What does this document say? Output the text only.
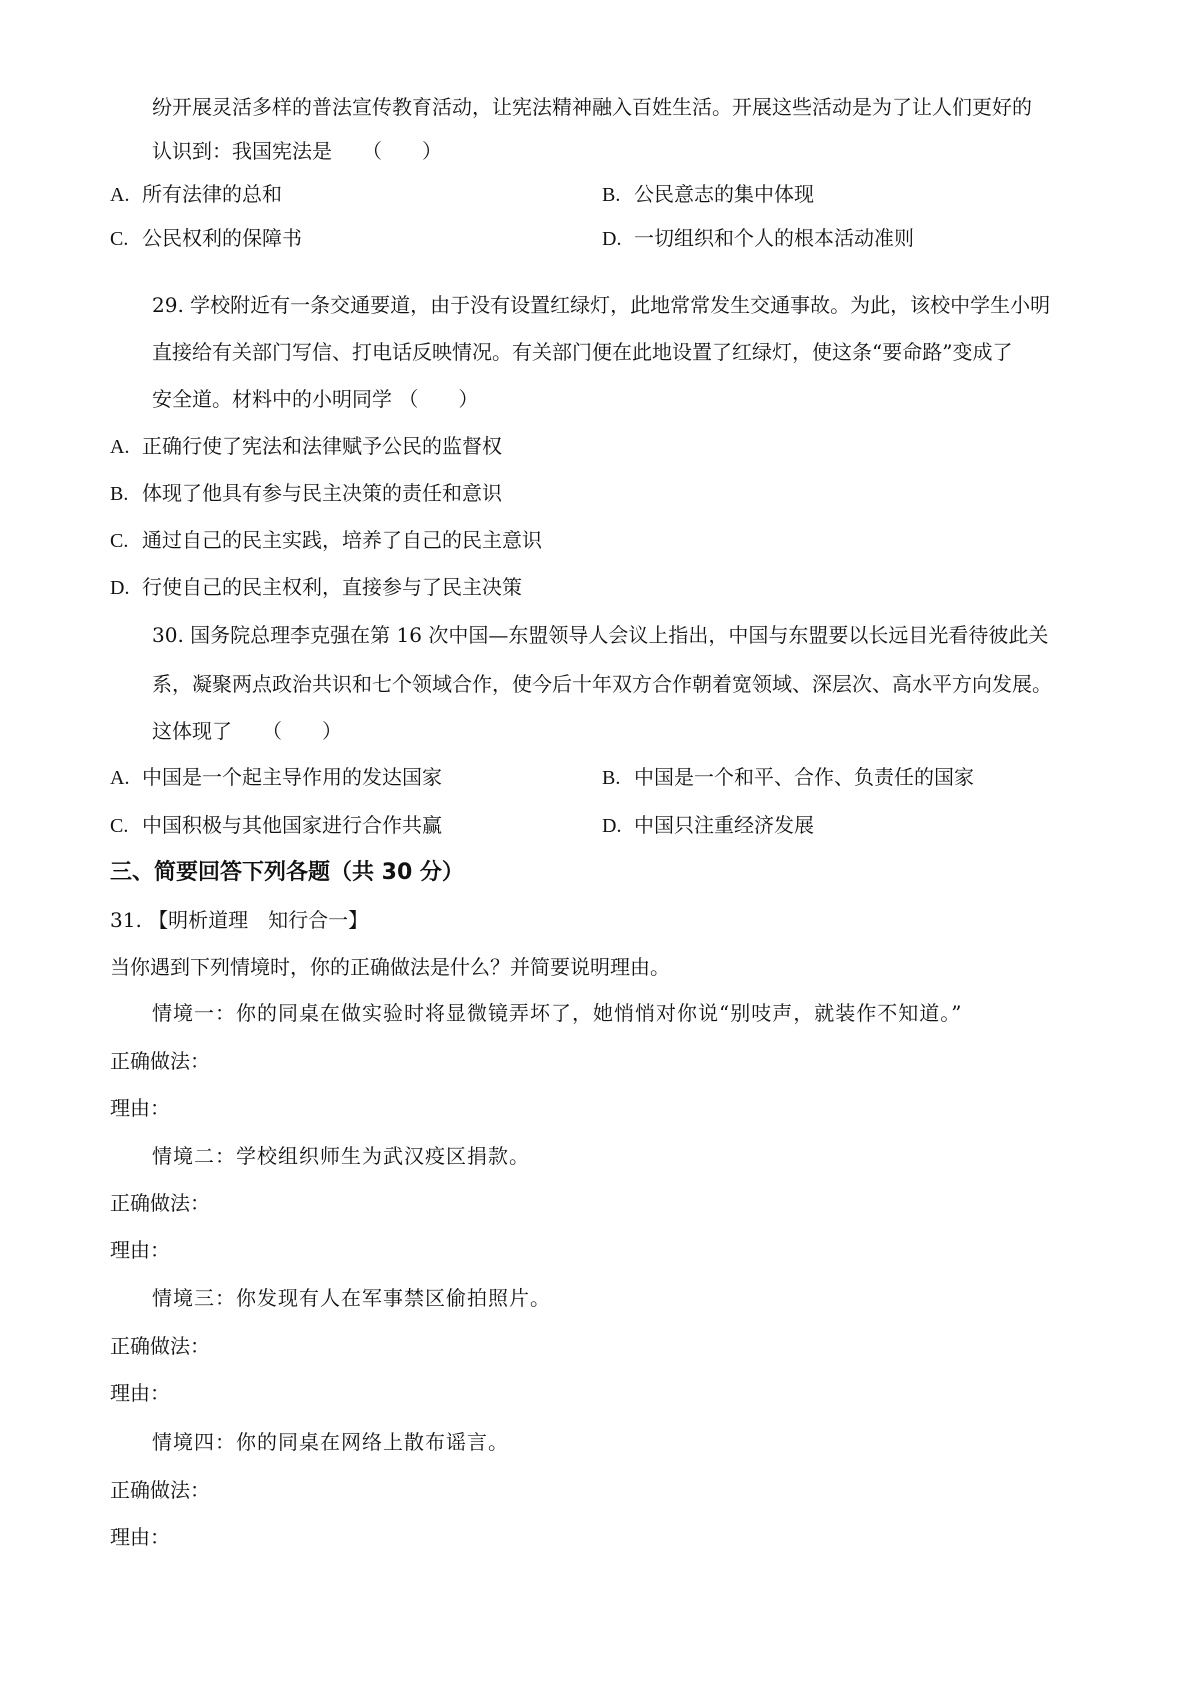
纷开展灵活多样的普法宣传教育活动，让宪法精神融入百姓生活。开展这些活动是为了让人们更好的
认识到：我国宪法是　　（　　）
A. 所有法律的总和	B. 公民意志的集中体现
C. 公民权利的保障书	D. 一切组织和个人的根本活动准则
29. 学校附近有一条交通要道，由于没有设置红绿灯，此地常常发生交通事故。为此，该校中学生小明
直接给有关部门写信、打电话反映情况。有关部门便在此地设置了红绿灯，使这条“要命路”变成了
安全道。材料中的小明同学 （　　）
A. 正确行使了宪法和法律赋予公民的监督权
B. 体现了他具有参与民主决策的责任和意识
C. 通过自己的民主实践，培养了自己的民主意识
D. 行使自己的民主权利，直接参与了民主决策
30. 国务院总理李克强在第 16 次中国—东盟领导人会议上指出，中国与东盟要以长远目光看待彼此关
系，凝聚两点政治共识和七个领域合作，使今后十年双方合作朝着宽领域、深层次、高水平方向发展。
这体现了　　（　　）
A. 中国是一个起主导作用的发达国家	B. 中国是一个和平、合作、负责任的国家
C. 中国积极与其他国家进行合作共赢	D. 中国只注重经济发展
三、简要回答下列各题（共 30 分）
31. 【明析道理　知行合一】
当你遇到下列情境时，你的正确做法是什么？并简要说明理由。
情境一：你的同桌在做实验时将显微镜弄坏了，她悄悄对你说“别吱声，就装作不知道。”
正确做法：
理由：
情境二：学校组织师生为武汉疫区捐款。
正确做法：
理由：
情境三：你发现有人在军事禁区偷拍照片。
正确做法：
理由：
情境四：你的同桌在网络上散布谣言。
正确做法：
理由：
